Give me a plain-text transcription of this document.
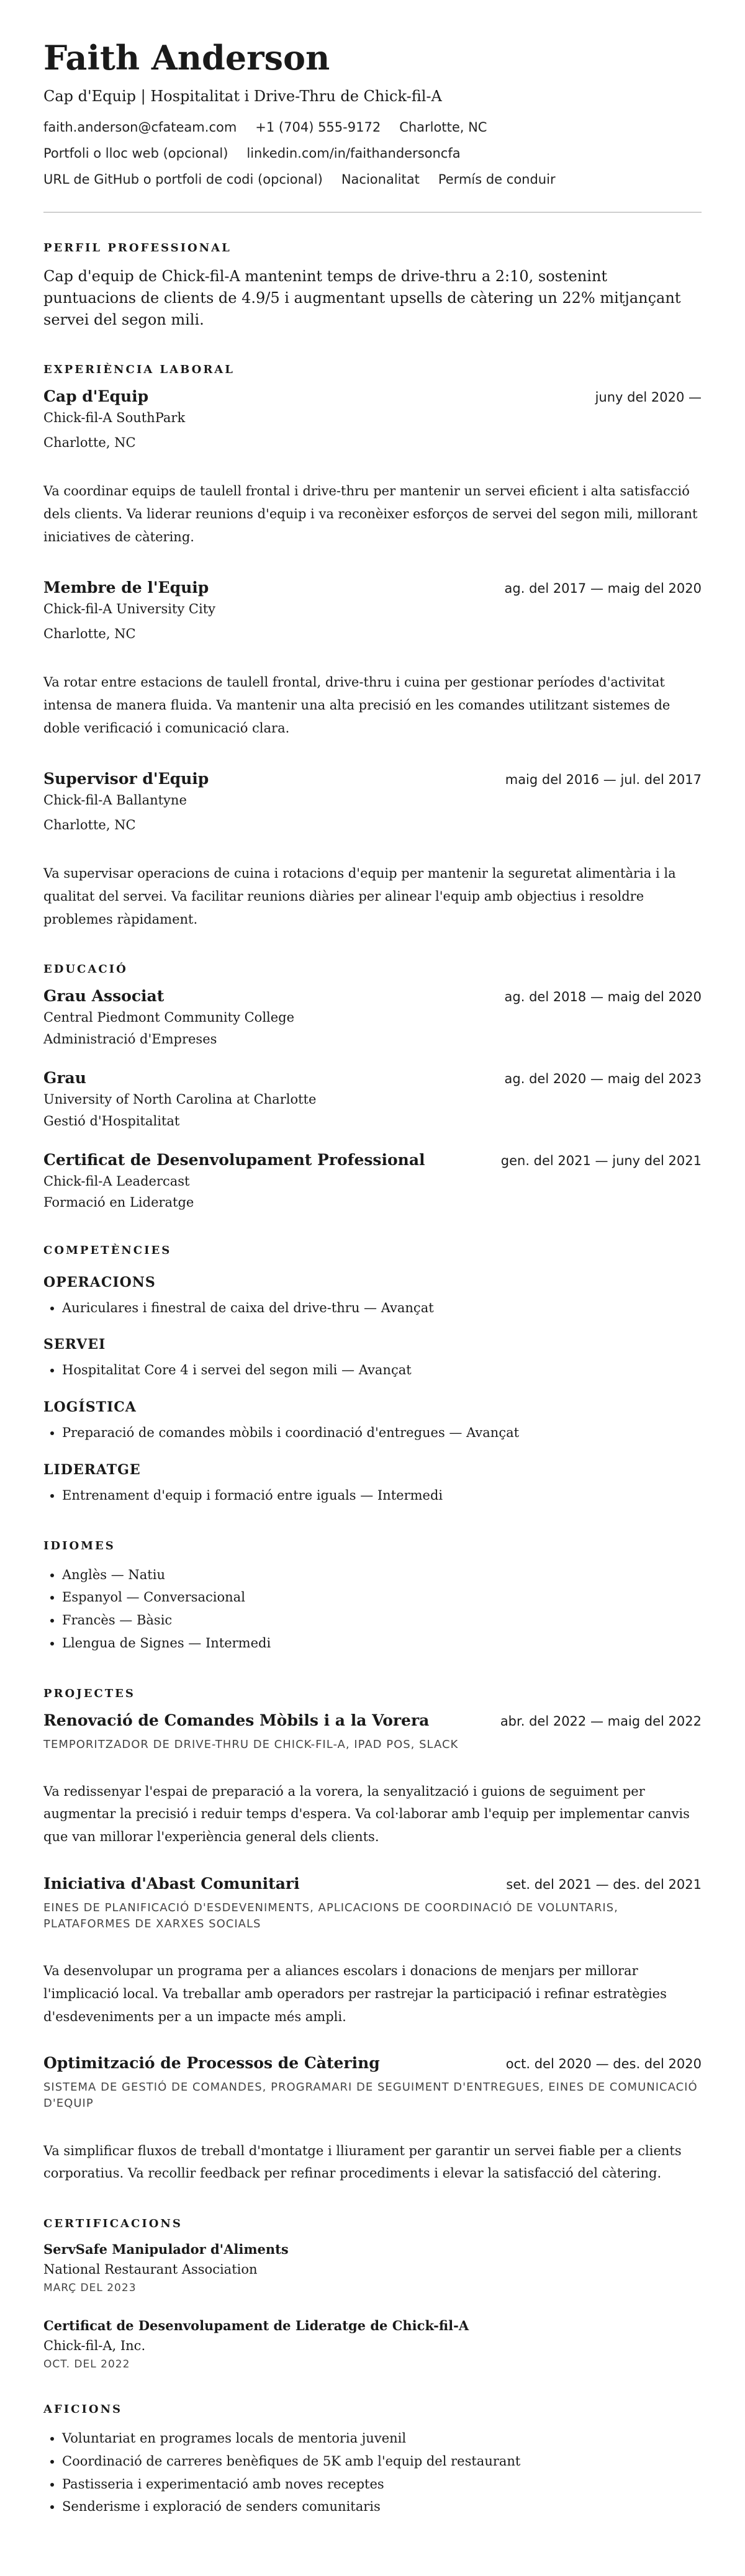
Faith Anderson
Cap d'Equip | Hospitalitat i Drive-Thru de Chick-fil-A
faith.anderson@cfateam.com +1 (704) 555-9172 Charlotte, NC
Portfoli o lloc web (opcional) linkedin.com/in/faithandersoncfa
URL de GitHub o portfoli de codi (opcional) Nacionalitat Permís de conduir
PERFIL PROFESSIONAL

Cap d'equip de Chick-fil-A mantenint temps de drive-thru a 2:10, sostenint puntuacions de clients de 4.9/5 i augmentant upsells de càtering un 22% mitjançant servei del segon mili.

EXPERIÈNCIA LABORAL
Cap d'Equip	juny del 2020 —
Chick-fil-A SouthPark
Charlotte, NC
Va coordinar equips de taulell frontal i drive-thru per mantenir un servei eficient i alta satisfacció dels clients. Va liderar reunions d'equip i va reconèixer esforços de servei del segon mili, millorant iniciatives de càtering.
Membre de l'Equip	ag. del 2017 — maig del 2020
Chick-fil-A University City
Charlotte, NC
Va rotar entre estacions de taulell frontal, drive-thru i cuina per gestionar períodes d'activitat intensa de manera fluida. Va mantenir una alta precisió en les comandes utilitzant sistemes de doble verificació i comunicació clara.
Supervisor d'Equip	maig del 2016 — jul. del 2017
Chick-fil-A Ballantyne
Charlotte, NC
Va supervisar operacions de cuina i rotacions d'equip per mantenir la seguretat alimentària i la qualitat del servei. Va facilitar reunions diàries per alinear l'equip amb objectius i resoldre problemes ràpidament.
EDUCACIÓ
Grau Associat	ag. del 2018 — maig del 2020
Central Piedmont Community College
Administració d'Empreses
Grau	ag. del 2020 — maig del 2023
University of North Carolina at Charlotte
Gestió d'Hospitalitat
Certificat de Desenvolupament Professional	gen. del 2021 — juny del 2021
Chick-fil-A Leadercast
Formació en Lideratge
COMPETÈNCIES
OPERACIONS
• Auriculares i finestral de caixa del drive-thru — Avançat
SERVEI
• Hospitalitat Core 4 i servei del segon mili — Avançat
LOGÍSTICA
• Preparació de comandes mòbils i coordinació d'entregues — Avançat
LIDERATGE
• Entrenament d'equip i formació entre iguals — Intermedi
IDIOMES
• Anglès — Natiu
• Espanyol — Conversacional
• Francès — Bàsic
• Llengua de Signes — Intermedi
PROJECTES
Renovació de Comandes Mòbils i a la Vorera	abr. del 2022 — maig del 2022
TEMPORITZADOR DE DRIVE-THRU DE CHICK-FIL-A, IPAD POS, SLACK
Va redissenyar l'espai de preparació a la vorera, la senyalització i guions de seguiment per augmentar la precisió i reduir temps d'espera. Va col·laborar amb l'equip per implementar canvis que van millorar l'experiència general dels clients.
Iniciativa d'Abast Comunitari	set. del 2021 — des. del 2021
EINES DE PLANIFICACIÓ D'ESDEVENIMENTS, APLICACIONS DE COORDINACIÓ DE VOLUNTARIS, PLATAFORMES DE XARXES SOCIALS
Va desenvolupar un programa per a aliances escolars i donacions de menjars per millorar l'implicació local. Va treballar amb operadors per rastrejar la participació i refinar estratègies d'esdeveniments per a un impacte més ampli.
Optimització de Processos de Càtering	oct. del 2020 — des. del 2020
SISTEMA DE GESTIÓ DE COMANDES, PROGRAMARI DE SEGUIMENT D'ENTREGUES, EINES DE COMUNICACIÓ D'EQUIP
Va simplificar fluxos de treball d'montatge i lliurament per garantir un servei fiable per a clients corporatius. Va recollir feedback per refinar procediments i elevar la satisfacció del càtering.
CERTIFICACIONS
ServSafe Manipulador d'Aliments
National Restaurant Association
MARÇ DEL 2023
Certificat de Desenvolupament de Lideratge de Chick-fil-A
Chick-fil-A, Inc.
OCT. DEL 2022
AFICIONS
• Voluntariat en programes locals de mentoria juvenil
• Coordinació de carreres benèfiques de 5K amb l'equip del restaurant
• Pastisseria i experimentació amb noves receptes
• Senderisme i exploració de senders comunitaris
